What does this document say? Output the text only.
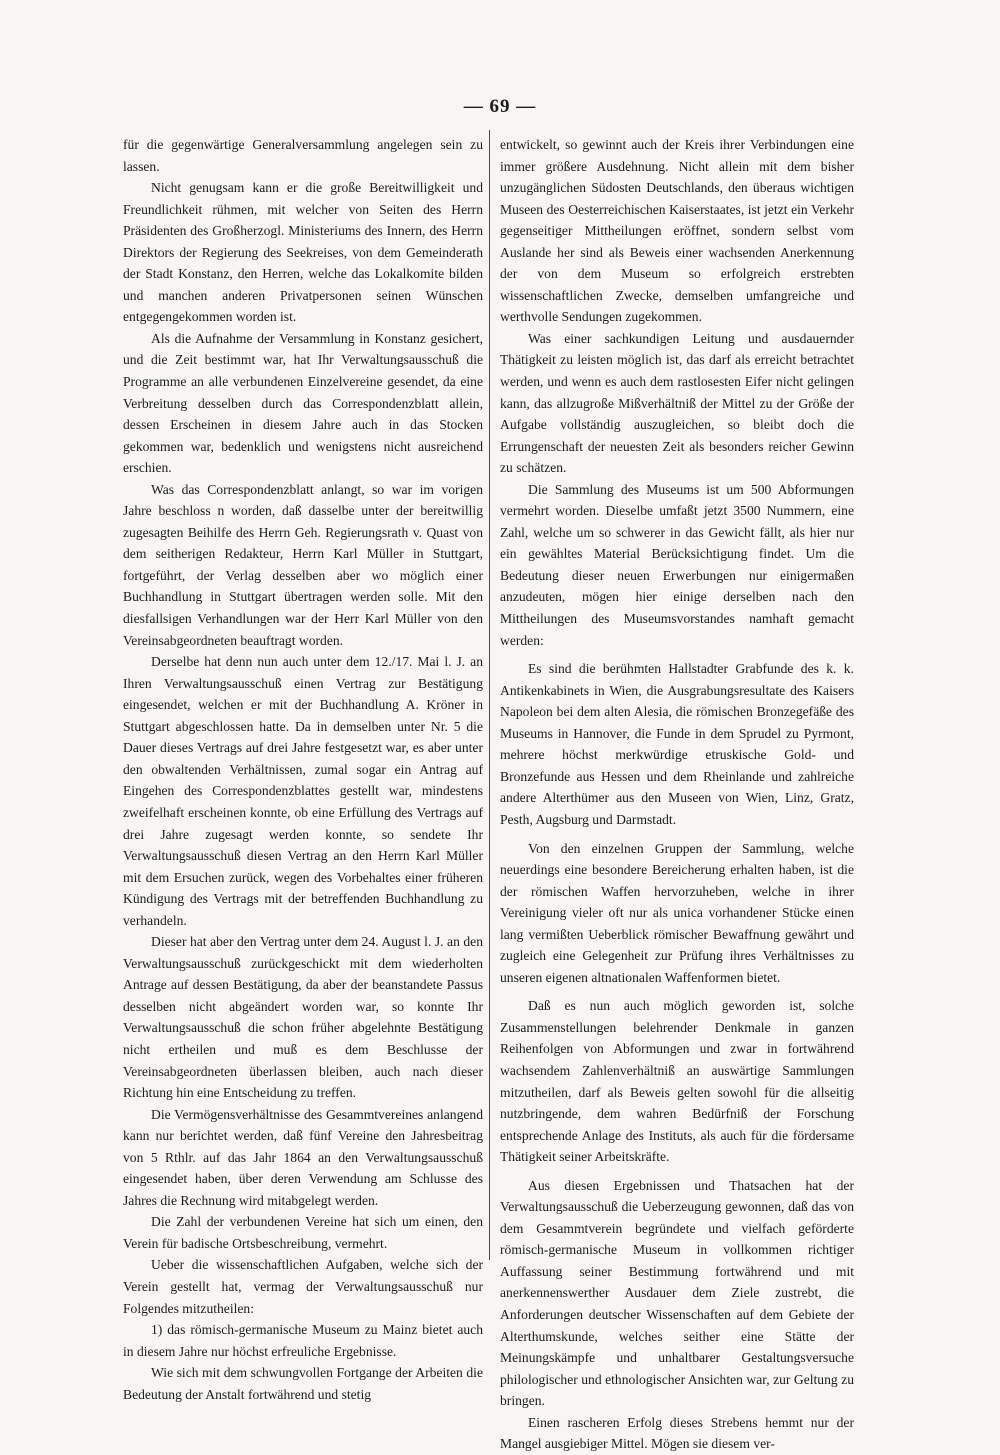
— 69 —

für die gegenwärtige Generalversammlung angelegen sein zu lassen.

Nicht genugsam kann er die große Bereitwilligkeit und Freundlichkeit rühmen, mit welcher von Seiten des Herrn Präsidenten des Großherzogl. Ministeriums des Innern, des Herrn Direktors der Regierung des Seekreises, von dem Gemeinderath der Stadt Konstanz, den Herren, welche das Lokalkomite bilden und manchen anderen Privatpersonen seinen Wünschen entgegengekommen worden ist.

Als die Aufnahme der Versammlung in Konstanz gesichert, und die Zeit bestimmt war, hat Ihr Verwaltungsausschuß die Programme an alle verbundenen Einzelvereine gesendet, da eine Verbreitung desselben durch das Correspondenzblatt allein, dessen Erscheinen in diesem Jahre auch in das Stocken gekommen war, bedenklich und wenigstens nicht ausreichend erschien.

Was das Correspondenzblatt anlangt, so war im vorigen Jahre beschloss n worden, daß dasselbe unter der bereitwillig zugesagten Beihilfe des Herrn Geh. Regierungsrath v. Quast von dem seitherigen Redakteur, Herrn Karl Müller in Stuttgart, fortgeführt, der Verlag desselben aber wo möglich einer Buchhandlung in Stuttgart übertragen werden solle. Mit den diesfallsigen Verhandlungen war der Herr Karl Müller von den Vereinsabgeordneten beauftragt worden.

Derselbe hat denn nun auch unter dem 12./17. Mai l. J. an Ihren Verwaltungsausschuß einen Vertrag zur Bestätigung eingesendet, welchen er mit der Buchhandlung A. Kröner in Stuttgart abgeschlossen hatte. Da in demselben unter Nr. 5 die Dauer dieses Vertrags auf drei Jahre festgesetzt war, es aber unter den obwaltenden Verhältnissen, zumal sogar ein Antrag auf Eingehen des Correspondenzblattes gestellt war, mindestens zweifelhaft erscheinen konnte, ob eine Erfüllung des Vertrags auf drei Jahre zugesagt werden konnte, so sendete Ihr Verwaltungsausschuß diesen Vertrag an den Herrn Karl Müller mit dem Ersuchen zurück, wegen des Vorbehaltes einer früheren Kündigung des Vertrags mit der betreffenden Buchhandlung zu verhandeln.

Dieser hat aber den Vertrag unter dem 24. August l. J. an den Verwaltungsausschuß zurückgeschickt mit dem wiederholten Antrage auf dessen Bestätigung, da aber der beanstandete Passus desselben nicht abgeändert worden war, so konnte Ihr Verwaltungsausschuß die schon früher abgelehnte Bestätigung nicht ertheilen und muß es dem Beschlusse der Vereinsabgeordneten überlassen bleiben, auch nach dieser Richtung hin eine Entscheidung zu treffen.

Die Vermögensverhältnisse des Gesammtvereines anlangend kann nur berichtet werden, daß fünf Vereine den Jahresbeitrag von 5 Rthlr. auf das Jahr 1864 an den Verwaltungsausschuß eingesendet haben, über deren Verwendung am Schlusse des Jahres die Rechnung wird mitabgelegt werden.

Die Zahl der verbundenen Vereine hat sich um einen, den Verein für badische Ortsbeschreibung, vermehrt.

Ueber die wissenschaftlichen Aufgaben, welche sich der Verein gestellt hat, vermag der Verwaltungsausschuß nur Folgendes mitzutheilen:

1) das römisch-germanische Museum zu Mainz bietet auch in diesem Jahre nur höchst erfreuliche Ergebnisse.

Wie sich mit dem schwungvollen Fortgange der Arbeiten die Bedeutung der Anstalt fortwährend und stetig

entwickelt, so gewinnt auch der Kreis ihrer Verbindungen eine immer größere Ausdehnung. Nicht allein mit dem bisher unzugänglichen Südosten Deutschlands, den überaus wichtigen Museen des Oesterreichischen Kaiserstaates, ist jetzt ein Verkehr gegenseitiger Mittheilungen eröffnet, sondern selbst vom Auslande her sind als Beweis einer wachsenden Anerkennung der von dem Museum so erfolgreich erstrebten wissenschaftlichen Zwecke, demselben umfangreiche und werthvolle Sendungen zugekommen.

Was einer sachkundigen Leitung und ausdauernder Thätigkeit zu leisten möglich ist, das darf als erreicht betrachtet werden, und wenn es auch dem rastlosesten Eifer nicht gelingen kann, das allzugroße Mißverhältniß der Mittel zu der Größe der Aufgabe vollständig auszugleichen, so bleibt doch die Errungenschaft der neuesten Zeit als besonders reicher Gewinn zu schätzen.

Die Sammlung des Museums ist um 500 Abformungen vermehrt worden. Dieselbe umfaßt jetzt 3500 Nummern, eine Zahl, welche um so schwerer in das Gewicht fällt, als hier nur ein gewähltes Material Berücksichtigung findet. Um die Bedeutung dieser neuen Erwerbungen nur einigermaßen anzudeuten, mögen hier einige derselben nach den Mittheilungen des Museumsvorstandes namhaft gemacht werden:

Es sind die berühmten Hallstadter Grabfunde des k. k. Antikenkabinets in Wien, die Ausgrabungsresultate des Kaisers Napoleon bei dem alten Alesia, die römischen Bronzegefäße des Museums in Hannover, die Funde in dem Sprudel zu Pyrmont, mehrere höchst merkwürdige etruskische Gold- und Bronzefunde aus Hessen und dem Rheinlande und zahlreiche andere Alterthümer aus den Museen von Wien, Linz, Gratz, Pesth, Augsburg und Darmstadt.

Von den einzelnen Gruppen der Sammlung, welche neuerdings eine besondere Bereicherung erhalten haben, ist die der römischen Waffen hervorzuheben, welche in ihrer Vereinigung vieler oft nur als unica vorhandener Stücke einen lang vermißten Ueberblick römischer Bewaffnung gewährt und zugleich eine Gelegenheit zur Prüfung ihres Verhältnisses zu unseren eigenen altnationalen Waffenformen bietet.

Daß es nun auch möglich geworden ist, solche Zusammenstellungen belehrender Denkmale in ganzen Reihenfolgen von Abformungen und zwar in fortwährend wachsendem Zahlenverhältniß an auswärtige Sammlungen mitzutheilen, darf als Beweis gelten sowohl für die allseitig nutzbringende, dem wahren Bedürfniß der Forschung entsprechende Anlage des Instituts, als auch für die fördersame Thätigkeit seiner Arbeitskräfte.

Aus diesen Ergebnissen und Thatsachen hat der Verwaltungsausschuß die Ueberzeugung gewonnen, daß das von dem Gesammtverein begründete und vielfach geförderte römisch-germanische Museum in vollkommen richtiger Auffassung seiner Bestimmung fortwährend und mit anerkennenswerther Ausdauer dem Ziele zustrebt, die Anforderungen deutscher Wissenschaften auf dem Gebiete der Alterthumskunde, welches seither eine Stätte der Meinungskämpfe und unhaltbarer Gestaltungsversuche philologischer und ethnologischer Ansichten war, zur Geltung zu bringen.

Einen rascheren Erfolg dieses Strebens hemmt nur der Mangel ausgiebiger Mittel. Mögen sie diesem ver-
